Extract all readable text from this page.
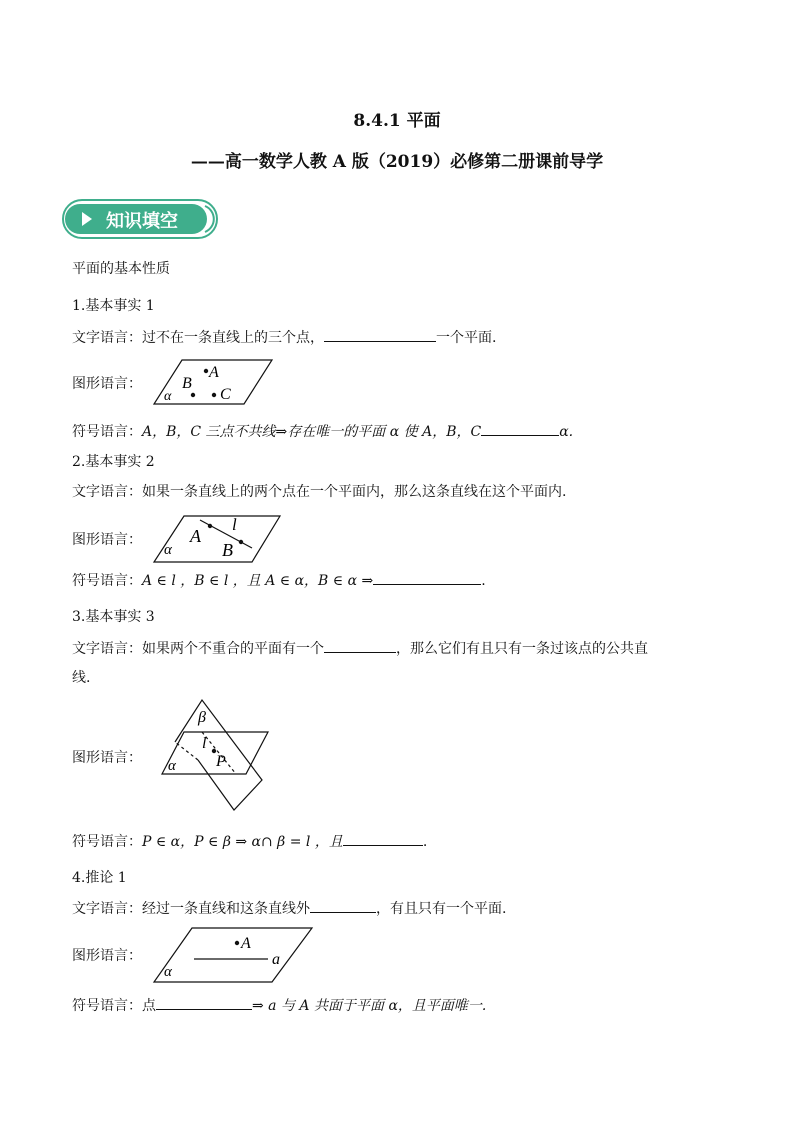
8.4.1 平面
——高一数学人教 A 版（2019）必修第二册课前导学
知识填空
平面的基本性质
1.基本事实 1
文字语言：过不在一条直线上的三个点，	一个平面.
图形语言：
A
B
C
α
符号语言：A，B，C 三点不共线⇒存在唯一的平面 α 使 A，B，C	α.
2.基本事实 2
文字语言：如果一条直线上的两个点在一个平面内，那么这条直线在这个平面内.
图形语言：	A
l
B
α
符号语言：A ∈ l ，B ∈ l ，且 A ∈ α，B ∈ α ⇒	.
3.基本事实 3
文字语言：如果两个不重合的平面有一个	，那么它们有且只有一条过该点的公共直
线.
图形语言：
β
l
P
α
符号语言：P ∈ α，P ∈ β ⇒ α∩ β = l ，且	.
4.推论 1
文字语言：经过一条直线和这条直线外	，有且只有一个平面.
图形语言：
A
a
α
符号语言：点	⇒ a 与 A 共面于平面 α，且平面唯一.
